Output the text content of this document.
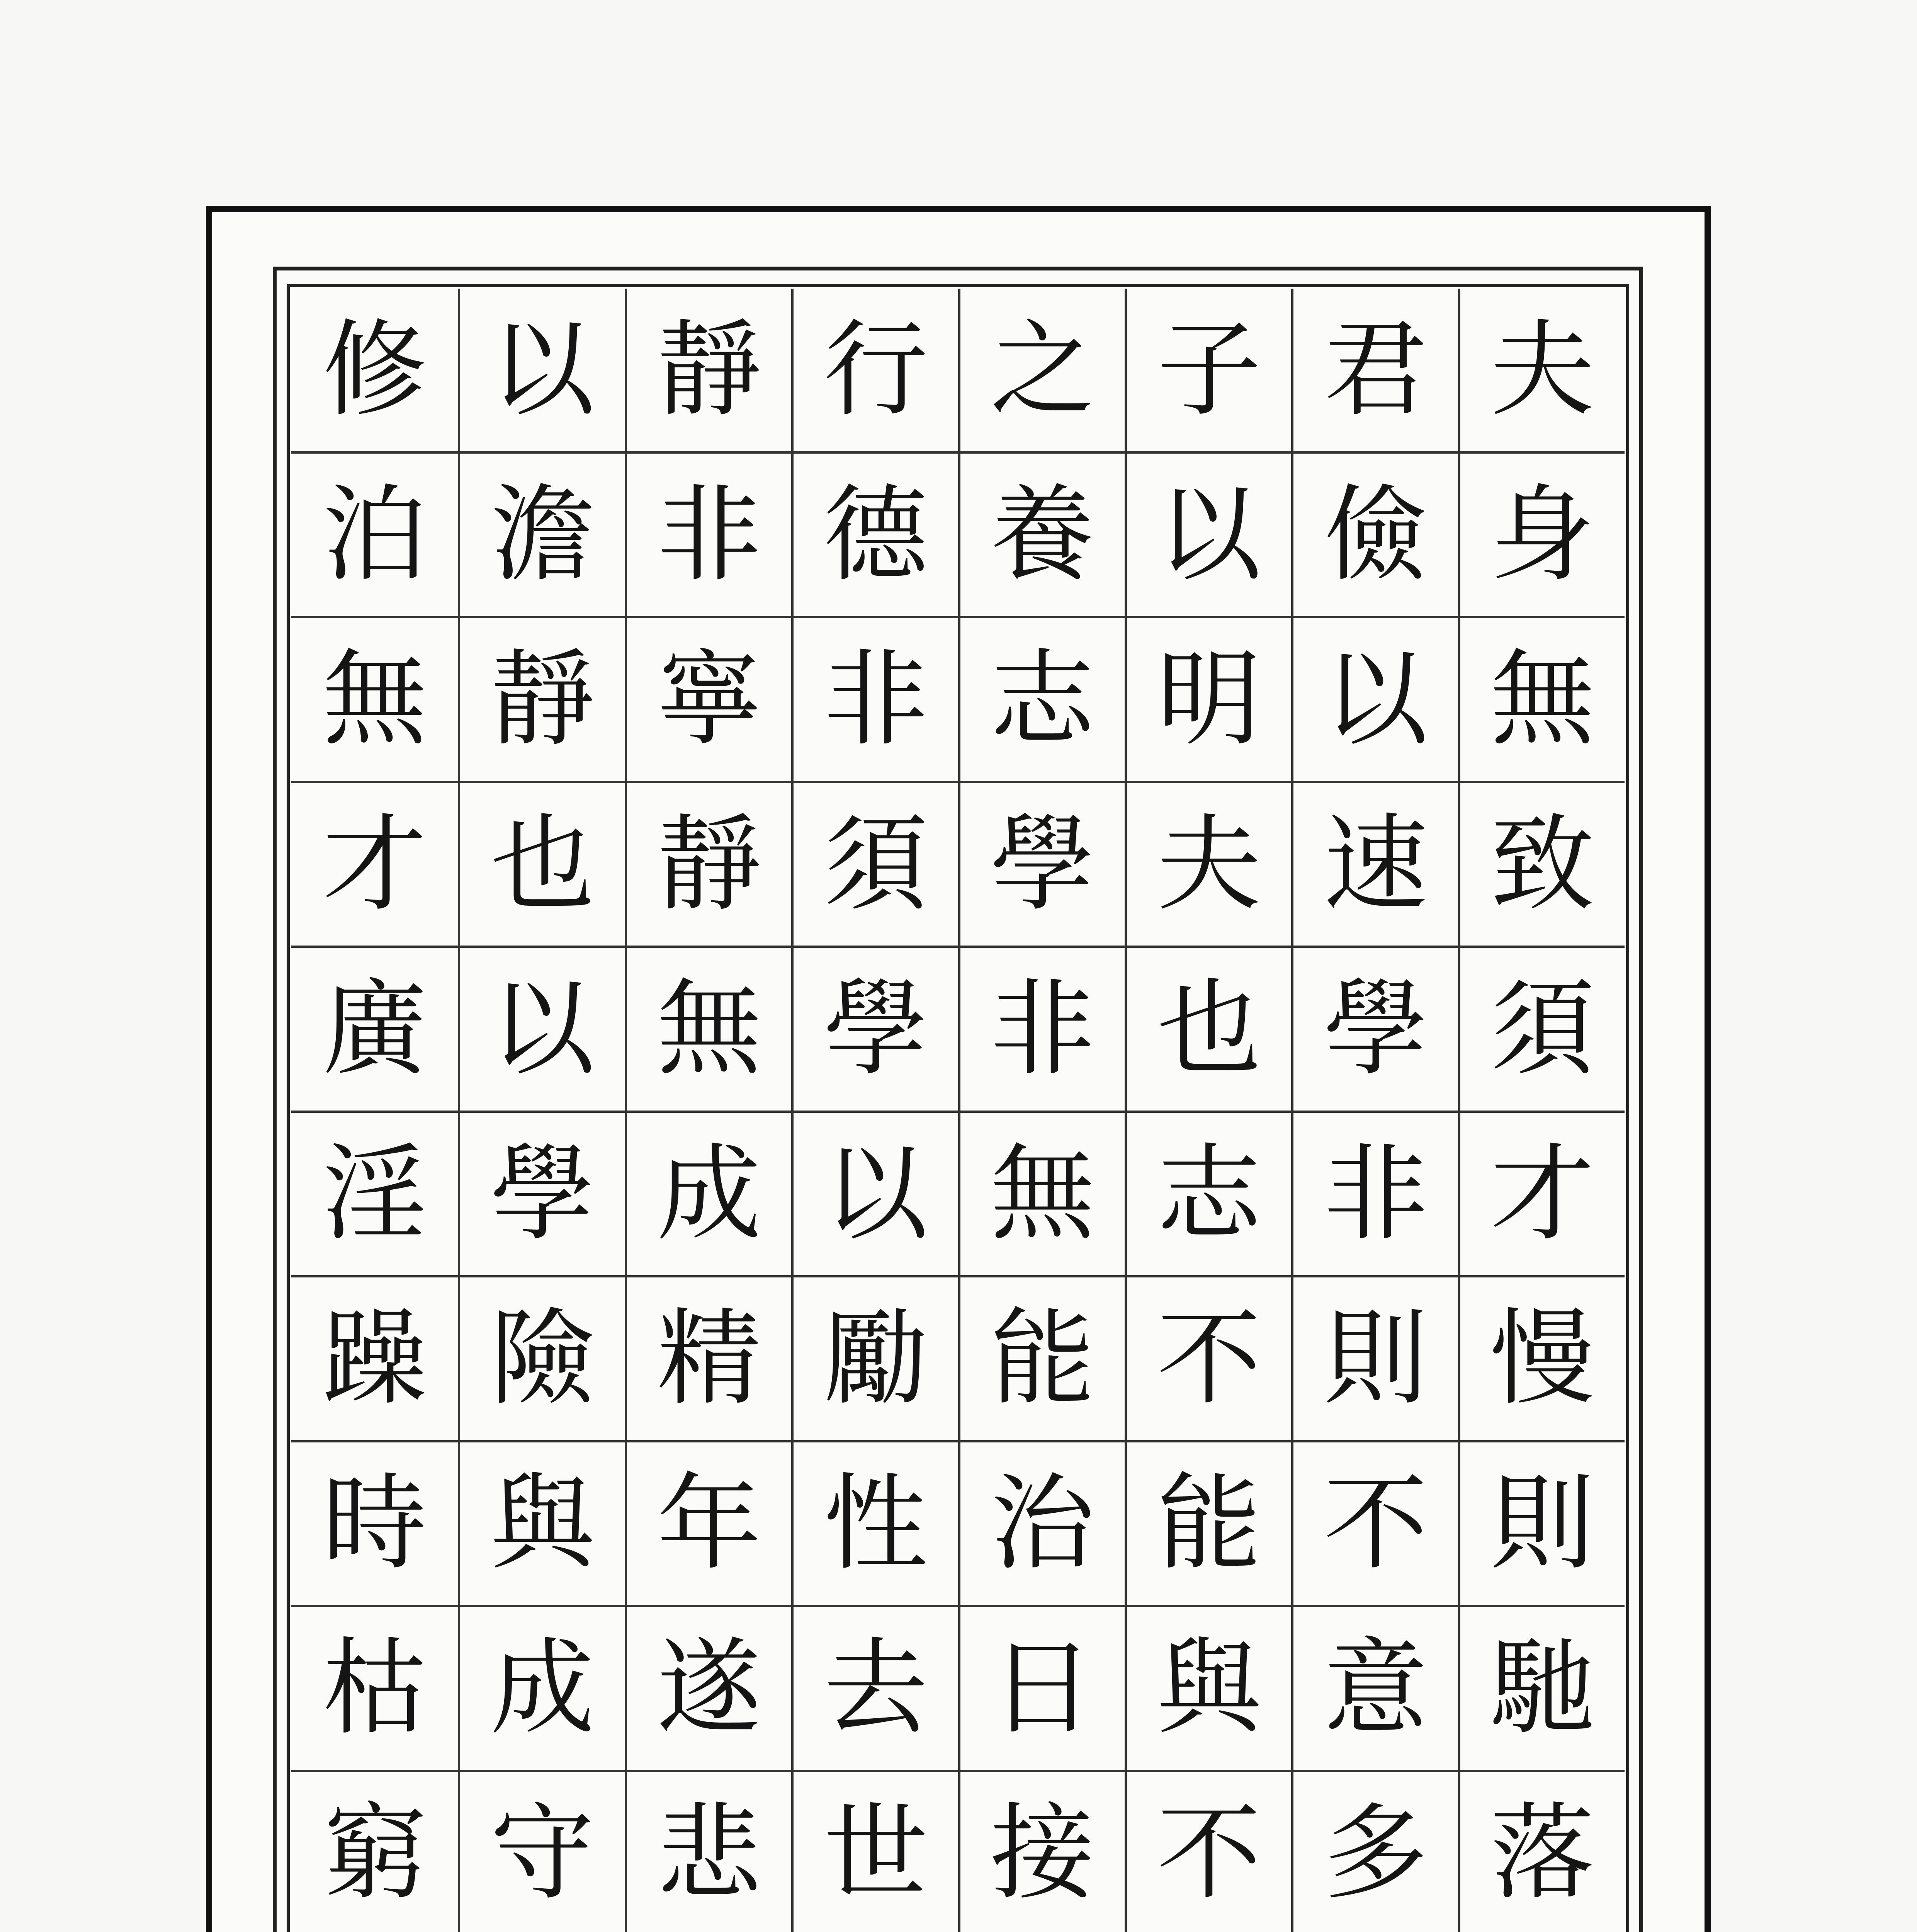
修 以 靜 行 之 子 君 夫
泊 澹 非 德 養 以 儉 身
無 靜 寧 非 志 明 以 無
才 也 靜 須 學 夫 速 致
廣 以 無 學 非 也 學 須
淫 學 成 以 無 志 非 才
躁 險 精 勵 能 不 則 慢
時 與 年 性 治 能 不 則
枯 成 遂 去 日 與 意 馳
窮 守 悲 世 接 不 多 落
